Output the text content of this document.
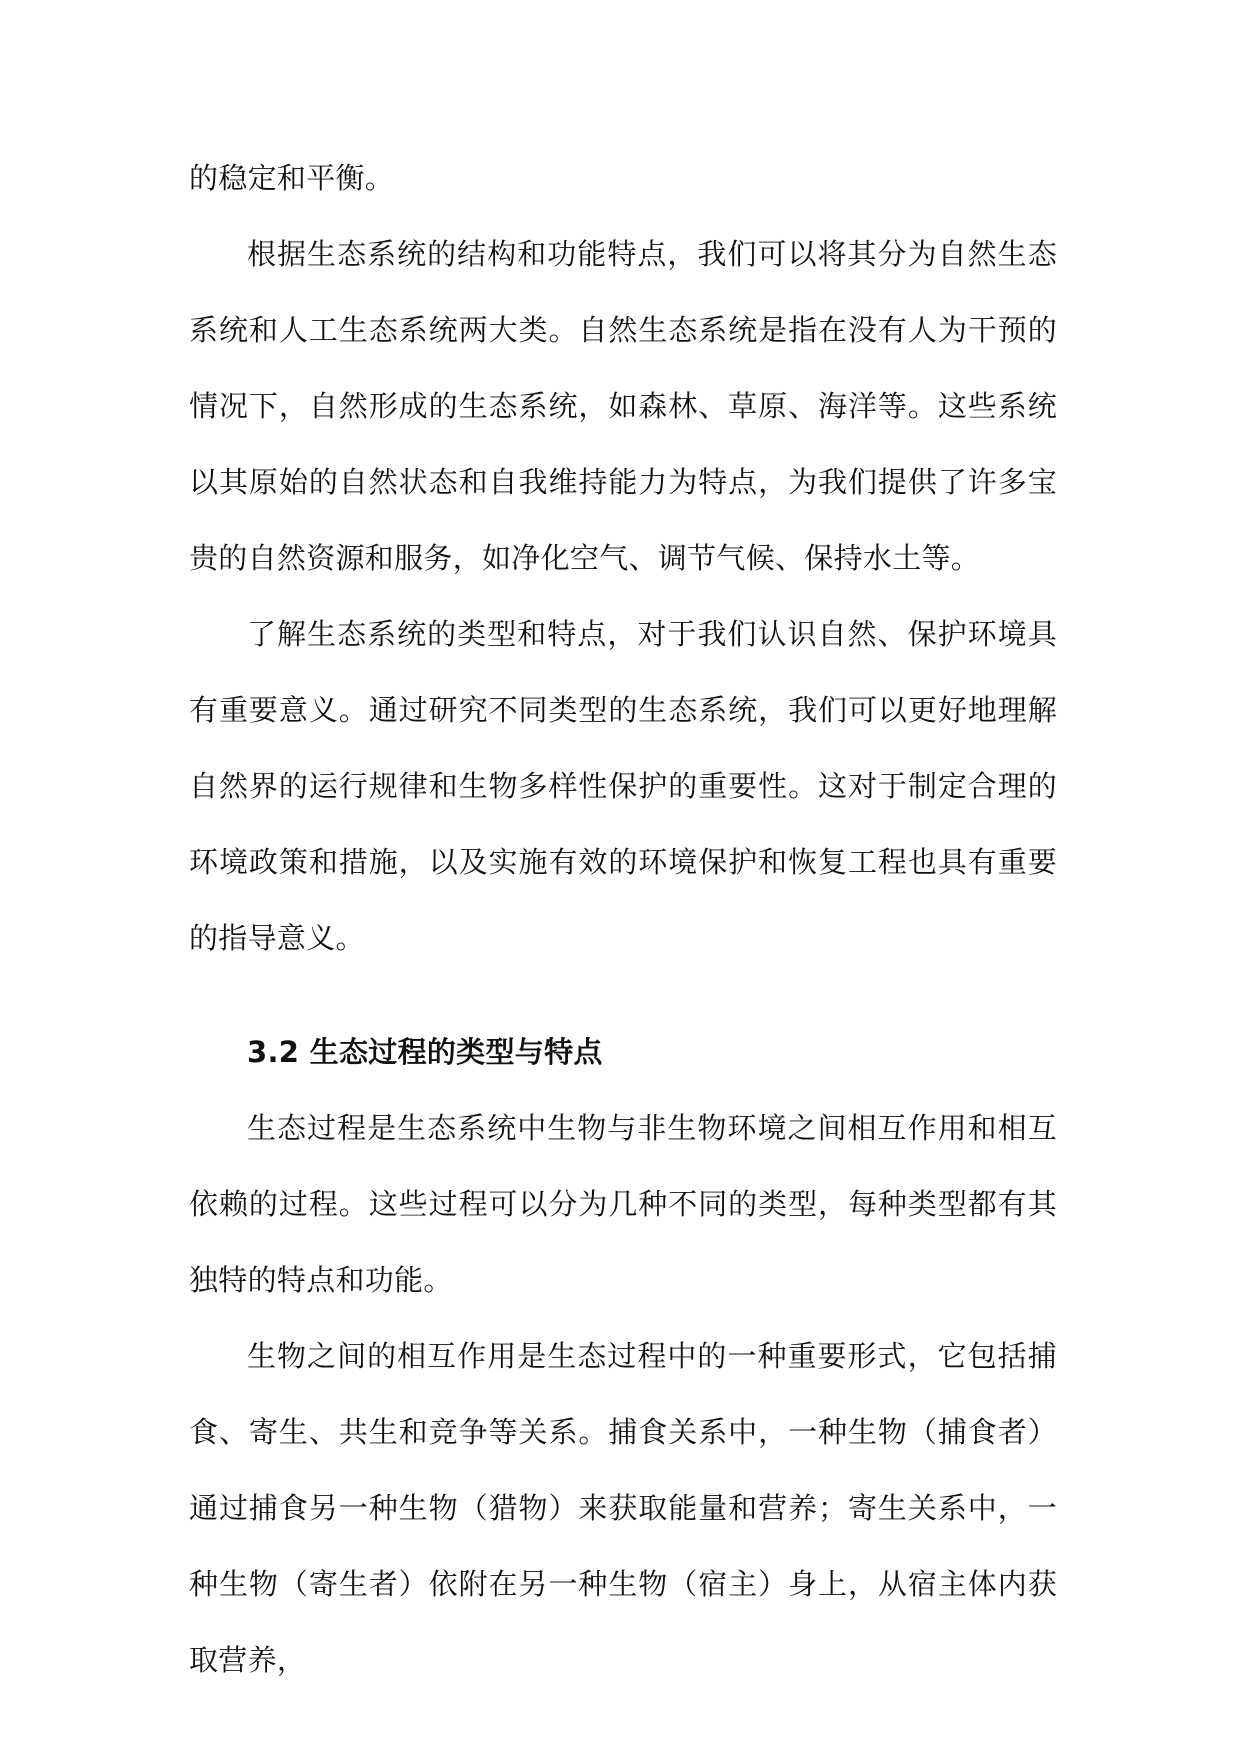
的稳定和平衡。

根据生态系统的结构和功能特点，我们可以将其分为自然生态系统和人工生态系统两大类。自然生态系统是指在没有人为干预的情况下，自然形成的生态系统，如森林、草原、海洋等。这些系统以其原始的自然状态和自我维持能力为特点，为我们提供了许多宝贵的自然资源和服务，如净化空气、调节气候、保持水土等。

了解生态系统的类型和特点，对于我们认识自然、保护环境具有重要意义。通过研究不同类型的生态系统，我们可以更好地理解自然界的运行规律和生物多样性保护的重要性。这对于制定合理的环境政策和措施，以及实施有效的环境保护和恢复工程也具有重要的指导意义。

3.2 生态过程的类型与特点

生态过程是生态系统中生物与非生物环境之间相互作用和相互依赖的过程。这些过程可以分为几种不同的类型，每种类型都有其独特的特点和功能。

生物之间的相互作用是生态过程中的一种重要形式，它包括捕食、寄生、共生和竞争等关系。捕食关系中，一种生物（捕食者）通过捕食另一种生物（猎物）来获取能量和营养；寄生关系中，一种生物（寄生者）依附在另一种生物（宿主）身上，从宿主体内获取营养，
